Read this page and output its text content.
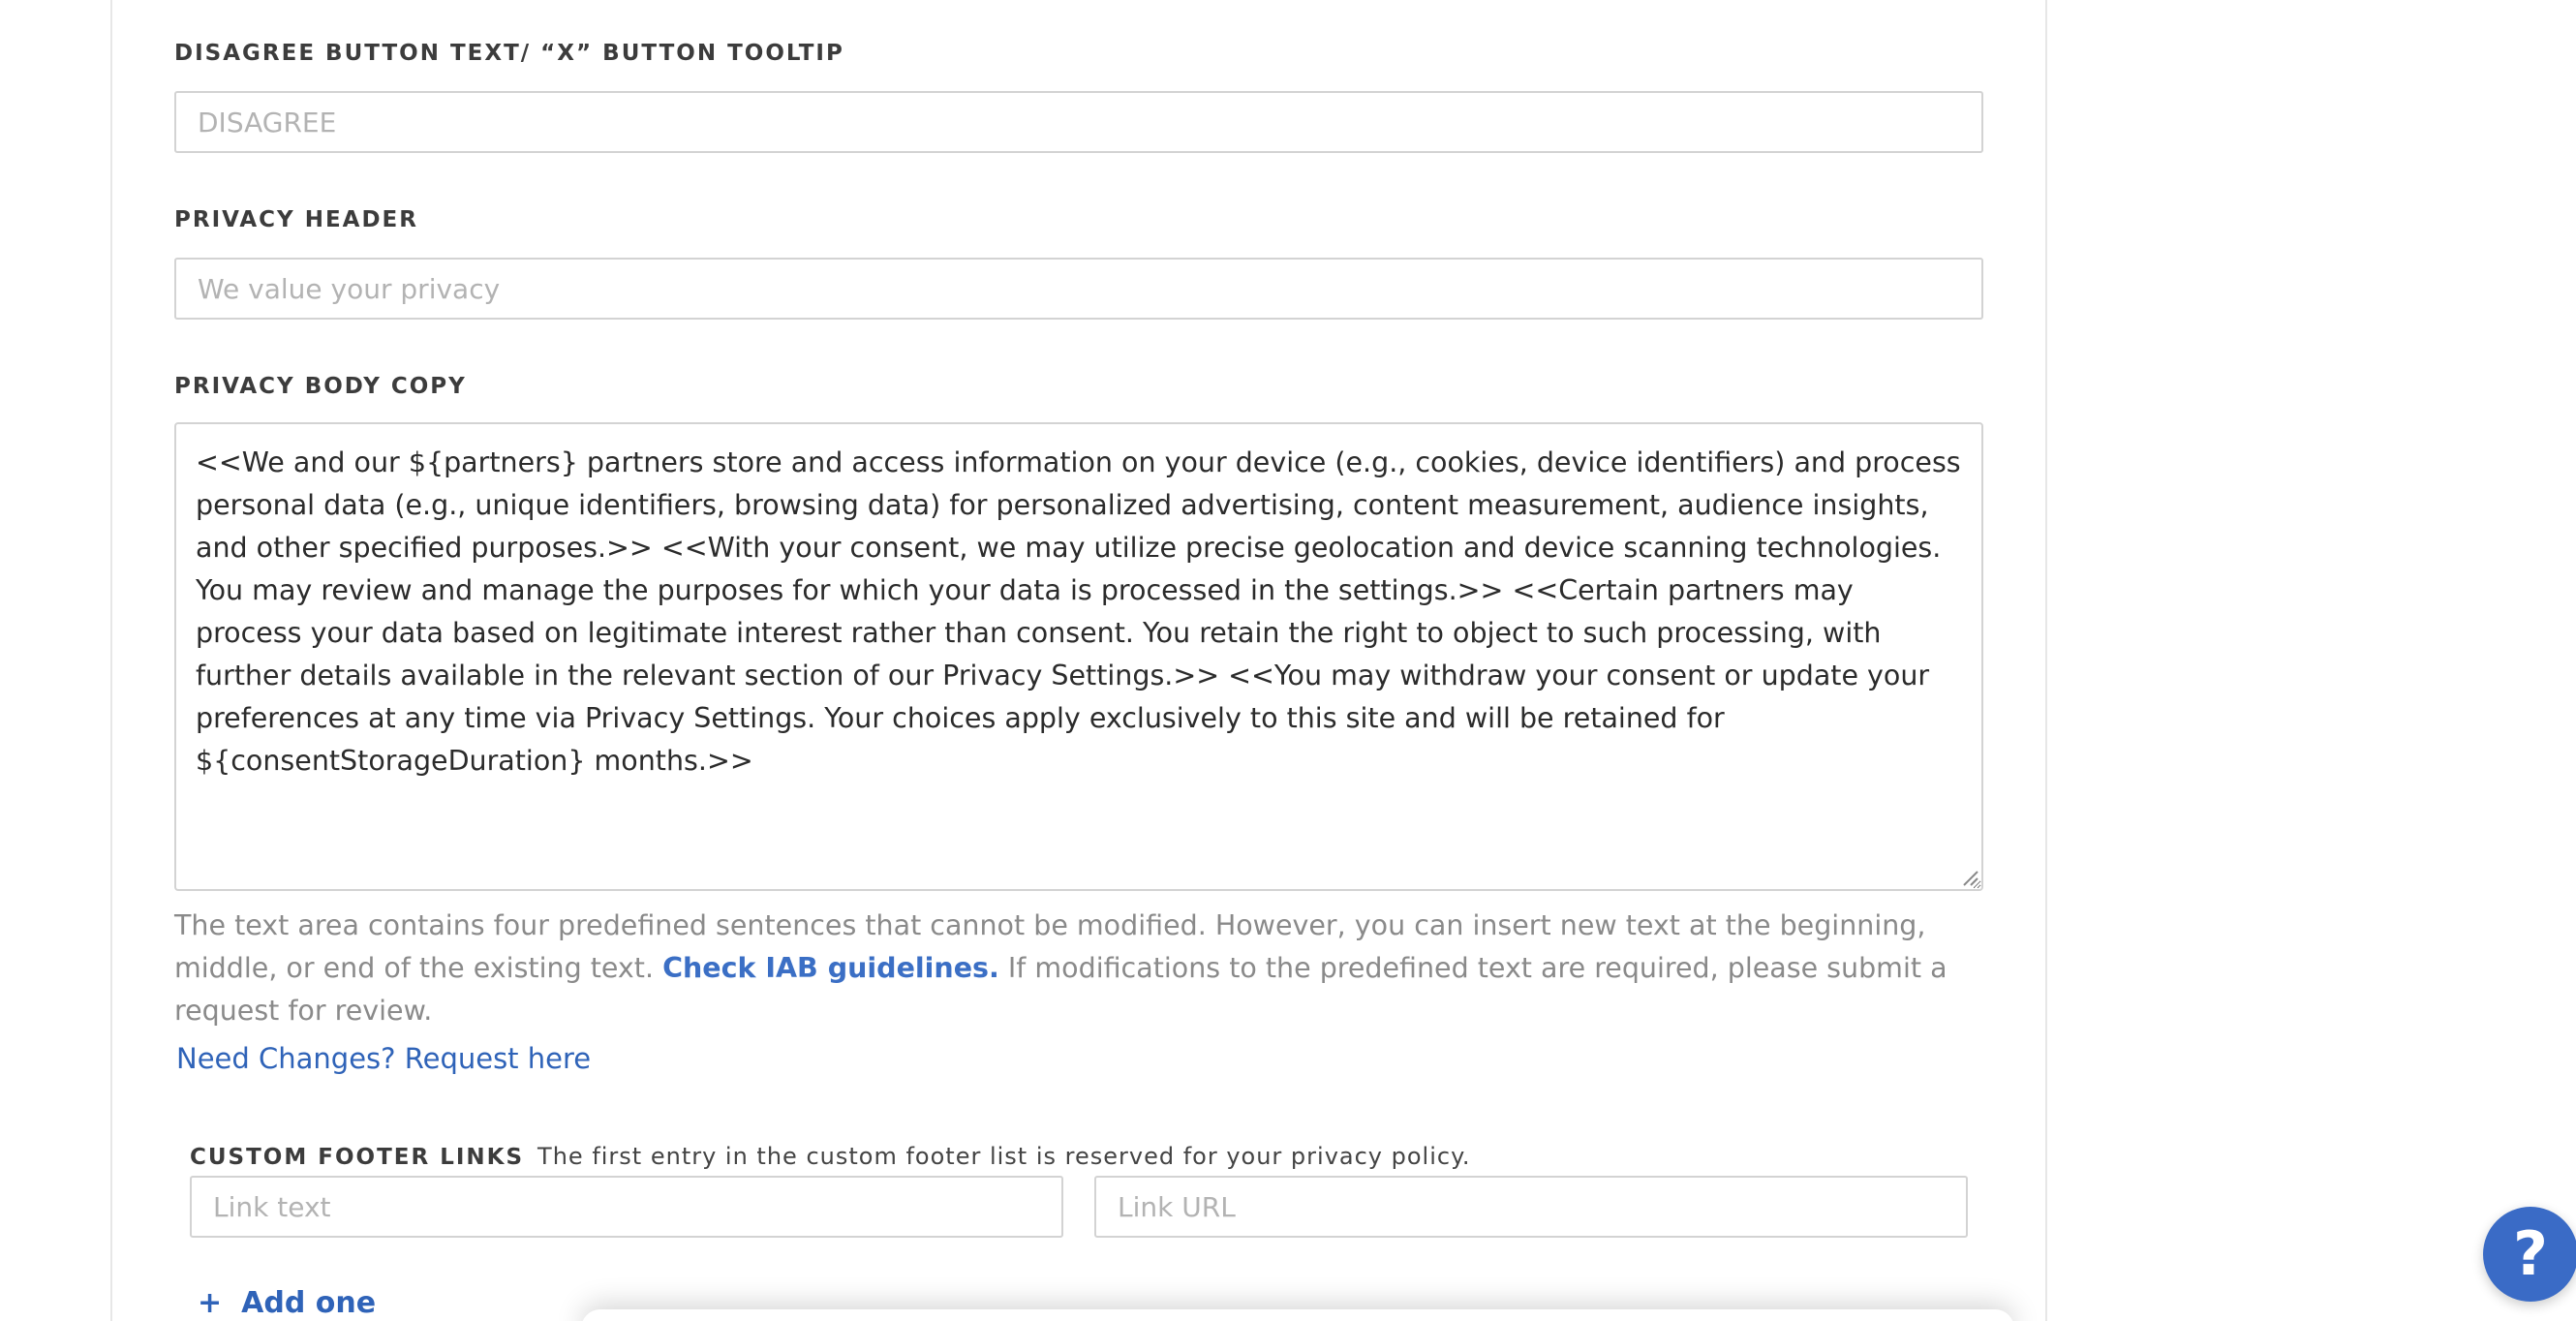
DISAGREE BUTTON TEXT/ “X” BUTTON TOOLTIP
DISAGREE
PRIVACY HEADER
We value your privacy
PRIVACY BODY COPY
<<We and our ${partners} partners store and access information on your device (e.g., cookies, device identifiers) and process personal data (e.g., unique identifiers, browsing data) for personalized advertising, content measurement, audience insights, and other specified purposes.>> <<With your consent, we may utilize precise geolocation and device scanning technologies. You may review and manage the purposes for which your data is processed in the settings.>> <<Certain partners may process your data based on legitimate interest rather than consent. You retain the right to object to such processing, with further details available in the relevant section of our Privacy Settings.>> <<You may withdraw your consent or update your preferences at any time via Privacy Settings. Your choices apply exclusively to this site and will be retained for ${consentStorageDuration} months.>>
The text area contains four predefined sentences that cannot be modified. However, you can insert new text at the beginning, middle, or end of the existing text. Check IAB guidelines. If modifications to the predefined text are required, please submit a request for review.
Need Changes? Request here
CUSTOM FOOTER LINKS The first entry in the custom footer list is reserved for your privacy policy.
Link text
Link URL
+ Add one
?
